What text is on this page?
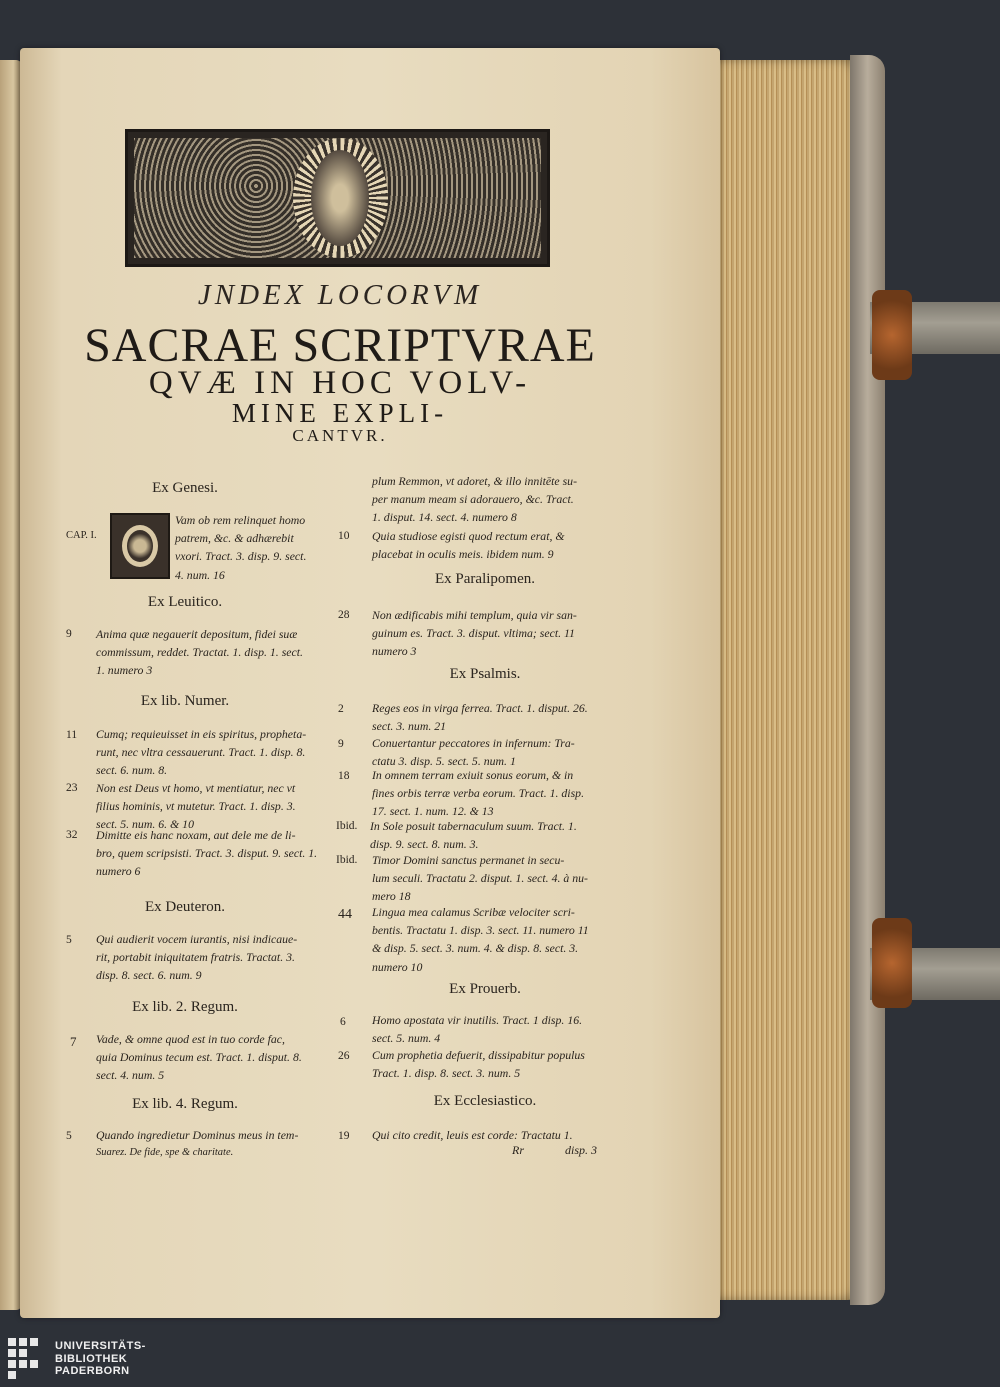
JNDEX LOCORVM
SACRAE SCRIPTVRAE
QVÆ IN HOC VOLV-
MINE EXPLI-
CANTVR.
Ex Genesi.
CAP. I.
Vam ob rem relinquet homo
patrem, &c. & adhærebit
vxori. Tract. 3. disp. 9. sect.
4. num. 16
Ex Leuitico.
9 Anima quæ negauerit depositum, fidei suæ
commissum, reddet. Tractat. 1. disp. 1. sect.
1. numero 3
Ex lib. Numer.
11 Cumq; requieuisset in eis spiritus, propheta-
runt, nec vltra cessauerunt. Tract. 1. disp. 8.
sect. 6. num. 8.
23 Non est Deus vt homo, vt mentiatur, nec vt
filius hominis, vt mutetur. Tract. 1. disp. 3.
sect. 5. num. 6. & 10
32 Dimitte eis hanc noxam, aut dele me de li-
bro, quem scripsisti. Tract. 3. disput. 9. sect. 1.
numero 6
Ex Deuteron.
5 Qui audierit vocem iurantis, nisi indicaue-
rit, portabit iniquitatem fratris. Tractat. 3.
disp. 8. sect. 6. num. 9
Ex lib. 2. Regum.
7 Vade, & omne quod est in tuo corde fac,
quia Dominus tecum est. Tract. 1. disput. 8.
sect. 4. num. 5
Ex lib. 4. Regum.
5 Quando ingredietur Dominus meus in tem-
Suarez. De fide, spe & charitate.
plum Remmon, vt adoret, & illo innitēte su-
per manum meam si adorauero, &c. Tract.
1. disput. 14. sect. 4. numero 8
10 Quia studiose egisti quod rectum erat, &
placebat in oculis meis. ibidem num. 9
Ex Paralipomen.
28 Non ædificabis mihi templum, quia vir san-
guinum es. Tract. 3. disput. vltima; sect. 11
numero 3
Ex Psalmis.
2 Reges eos in virga ferrea. Tract. 1. disput. 26.
sect. 3. num. 21
9 Conuertantur peccatores in infernum: Tra-
ctatu 3. disp. 5. sect. 5. num. 1
18 In omnem terram exiuit sonus eorum, & in
fines orbis terræ verba eorum. Tract. 1. disp.
17. sect. 1. num. 12. & 13
Ibid. In Sole posuit tabernaculum suum. Tract. 1.
disp. 9. sect. 8. num. 3.
Ibid. Timor Domini sanctus permanet in secu-
lum seculi. Tractatu 2. disput. 1. sect. 4. à nu-
mero 18
44 Lingua mea calamus Scribæ velociter scri-
bentis. Tractatu 1. disp. 3. sect. 11. numero 11
& disp. 5. sect. 3. num. 4. & disp. 8. sect. 3.
numero 10
Ex Prouerb.
6 Homo apostata vir inutilis. Tract. 1 disp. 16.
sect. 5. num. 4
26 Cum prophetia defuerit, dissipabitur populus
Tract. 1. disp. 8. sect. 3. num. 5
Ex Ecclesiastico.
19 Qui cito credit, leuis est corde: Tractatu 1.
Rr	disp. 3
UNIVERSITÄTS-
BIBLIOTHEK
PADERBORN
